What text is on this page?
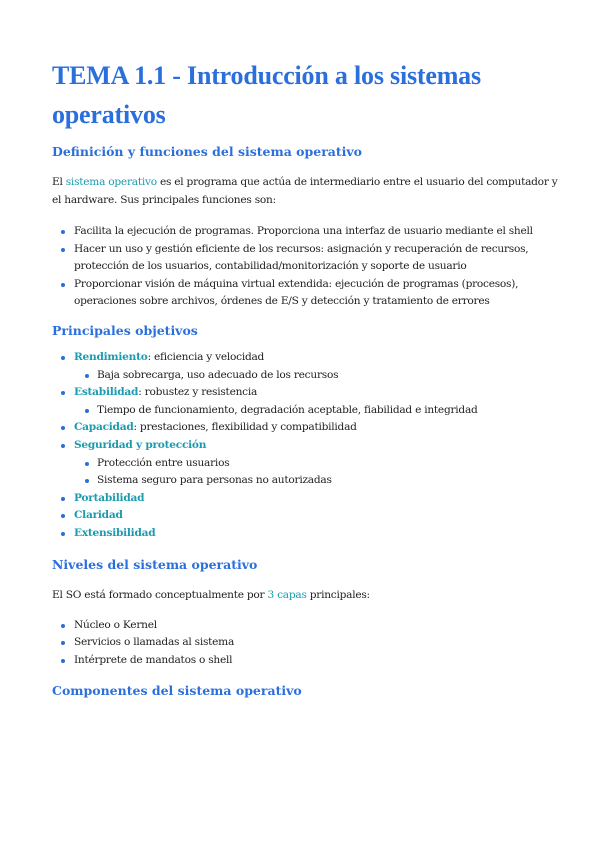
TEMA 1.1 - Introducción a los sistemas operativos
Definición y funciones del sistema operativo

El sistema operativo es el programa que actúa de intermediario entre el usuario del computador y el hardware. Sus principales funciones son:

Facilita la ejecución de programas. Proporciona una interfaz de usuario mediante el shell
Hacer un uso y gestión eficiente de los recursos: asignación y recuperación de recursos, protección de los usuarios, contabilidad/monitorización y soporte de usuario
Proporcionar visión de máquina virtual extendida: ejecución de programas (procesos), operaciones sobre archivos, órdenes de E/S y detección y tratamiento de errores
Principales objetivos
Rendimiento: eficiencia y velocidad
Baja sobrecarga, uso adecuado de los recursos
Estabilidad: robustez y resistencia
Tiempo de funcionamiento, degradación aceptable, fiabilidad e integridad
Capacidad: prestaciones, flexibilidad y compatibilidad
Seguridad y protección
Protección entre usuarios
Sistema seguro para personas no autorizadas
Portabilidad
Claridad
Extensibilidad
Niveles del sistema operativo

El SO está formado conceptualmente por 3 capas principales:

Núcleo o Kernel
Servicios o llamadas al sistema
Intérprete de mandatos o shell
Componentes del sistema operativo
